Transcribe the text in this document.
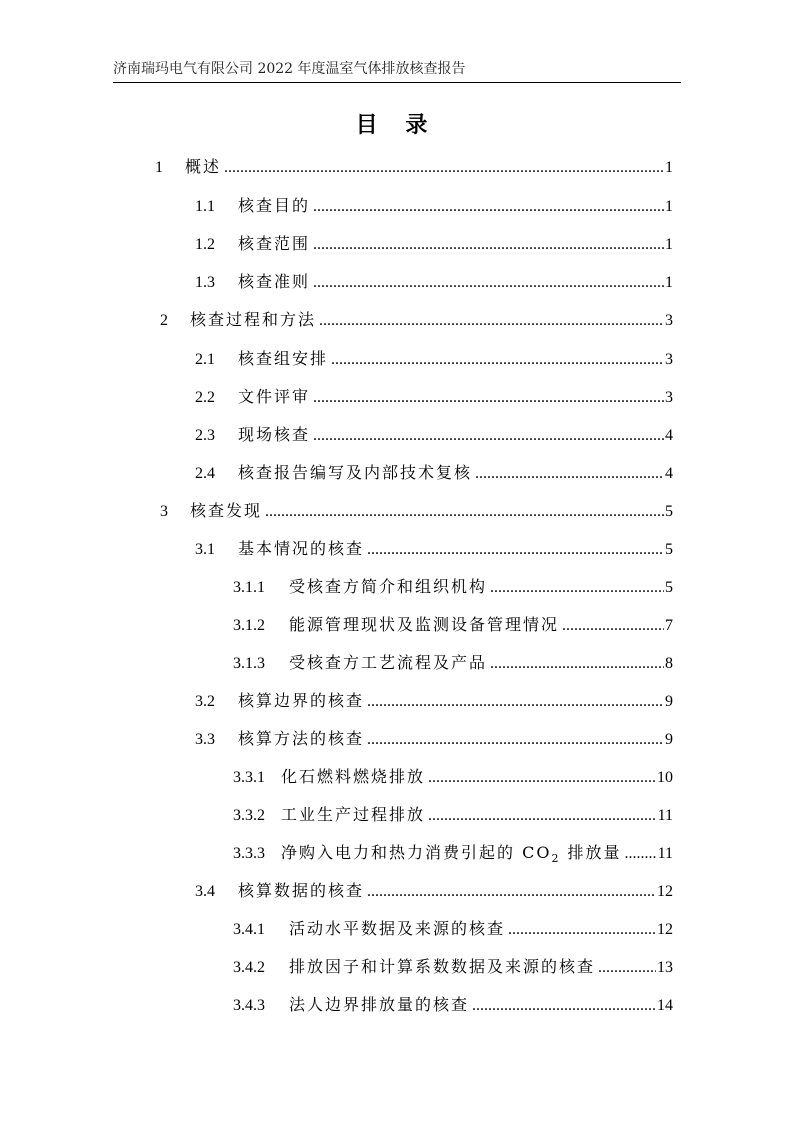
济南瑞玛电气有限公司 2022 年度温室气体排放核查报告
目 录
1	概述 .....	1
1.1	核查目的 .....	1
1.2	核查范围 .....	1
1.3	核查准则 .....	1
2	核查过程和方法 .....	3
2.1	核查组安排 .....	3
2.2	文件评审 .....	3
2.3	现场核查 .....	4
2.4	核查报告编写及内部技术复核 .....	4
3	核查发现 .....	5
3.1	基本情况的核查 .....	5
3.1.1	受核查方简介和组织机构 .....	5
3.1.2	能源管理现状及监测设备管理情况 .....	7
3.1.3	受核查方工艺流程及产品 .....	8
3.2	核算边界的核查 .....	9
3.3	核算方法的核查 .....	9
3.3.1	化石燃料燃烧排放 .....	10
3.3.2	工业生产过程排放 .....	11
3.3.3	净购入电力和热力消费引起的 $CO_2$ 排放量 ..... 11
3.4	核算数据的核查 .....	12
3.4.1	活动水平数据及来源的核查 .....	12
3.4.2	排放因子和计算系数数据及来源的核查 .....	13
3.4.3	法人边界排放量的核查 .....	14
